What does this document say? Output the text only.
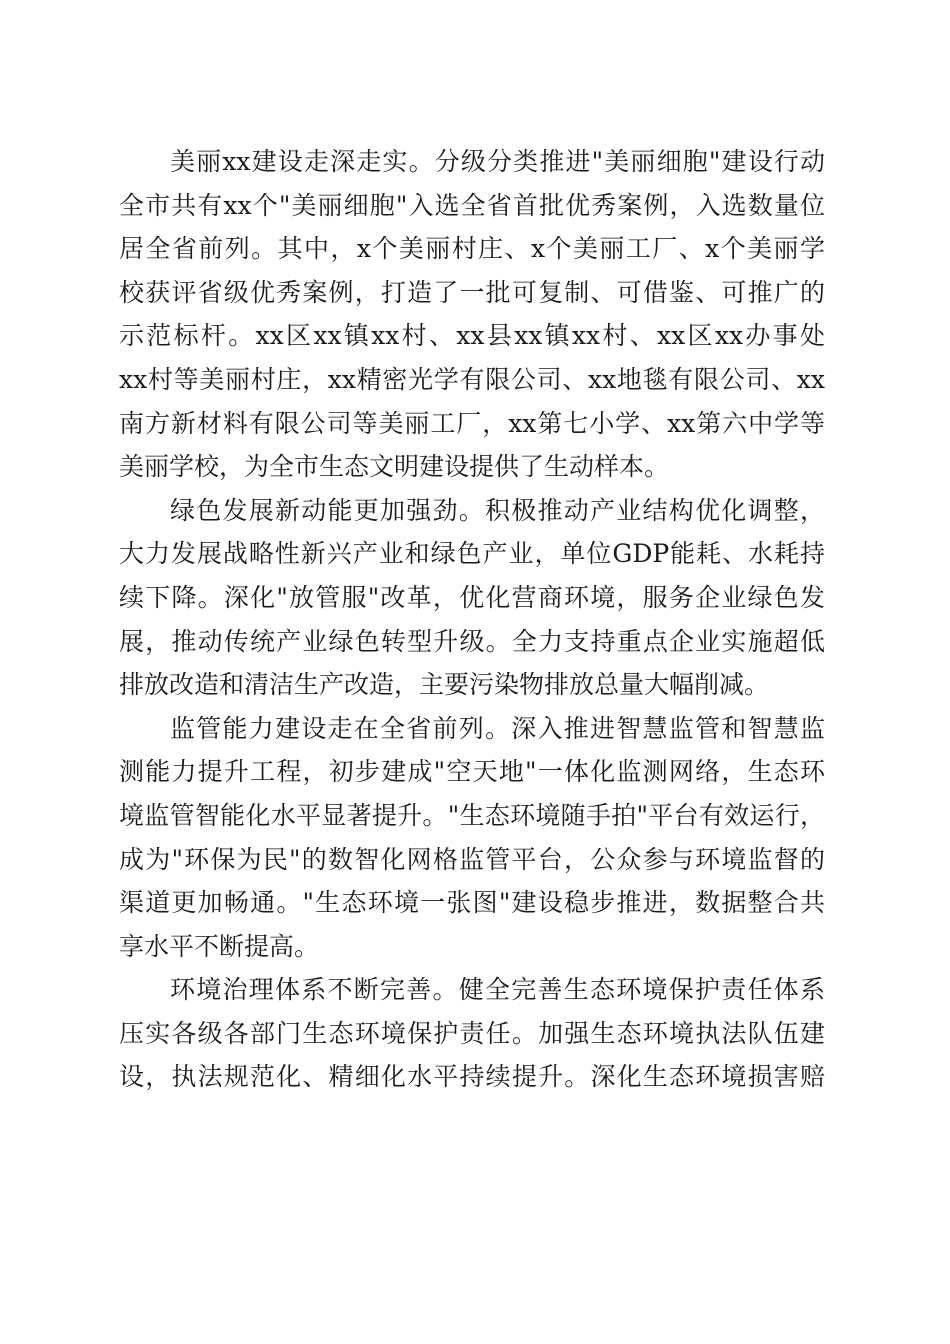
美丽xx建设走深走实。分级分类推进"美丽细胞"建设行动
全市共有xx个"美丽细胞"入选全省首批优秀案例，入选数量位
居全省前列。其中，x个美丽村庄、x个美丽工厂、x个美丽学
校获评省级优秀案例，打造了一批可复制、可借鉴、可推广的
示范标杆。xx区xx镇xx村、xx县xx镇xx村、xx区xx办事处
xx村等美丽村庄，xx精密光学有限公司、xx地毯有限公司、xx
南方新材料有限公司等美丽工厂，xx第七小学、xx第六中学等
美丽学校，为全市生态文明建设提供了生动样本。
绿色发展新动能更加强劲。积极推动产业结构优化调整，
大力发展战略性新兴产业和绿色产业，单位GDP能耗、水耗持
续下降。深化"放管服"改革，优化营商环境，服务企业绿色发
展，推动传统产业绿色转型升级。全力支持重点企业实施超低
排放改造和清洁生产改造，主要污染物排放总量大幅削减。
监管能力建设走在全省前列。深入推进智慧监管和智慧监
测能力提升工程，初步建成"空天地"一体化监测网络，生态环
境监管智能化水平显著提升。"生态环境随手拍"平台有效运行，
成为"环保为民"的数智化网格监管平台，公众参与环境监督的
渠道更加畅通。"生态环境一张图"建设稳步推进，数据整合共
享水平不断提高。
环境治理体系不断完善。健全完善生态环境保护责任体系
压实各级各部门生态环境保护责任。加强生态环境执法队伍建
设，执法规范化、精细化水平持续提升。深化生态环境损害赔
